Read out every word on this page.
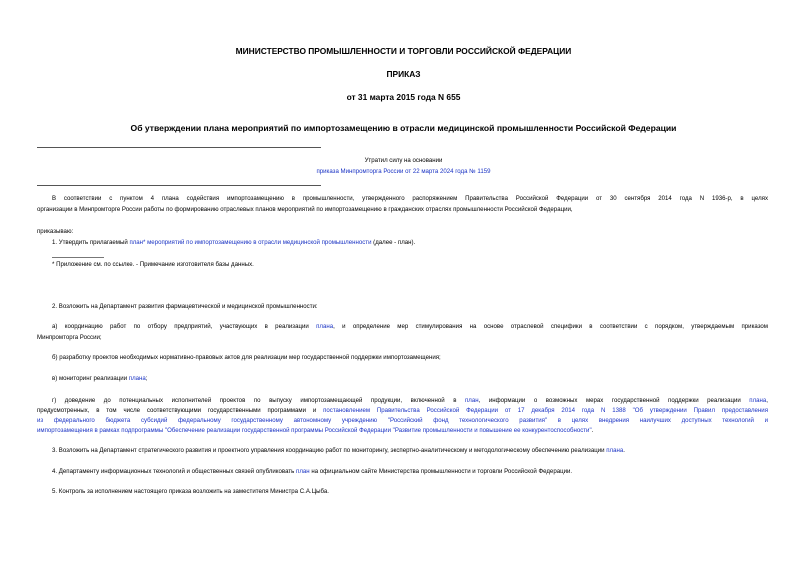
МИНИСТЕРСТВО ПРОМЫШЛЕННОСТИ И ТОРГОВЛИ РОССИЙСКОЙ ФЕДЕРАЦИИ
ПРИКАЗ
от 31 марта 2015 года N 655
Об утверждении плана мероприятий по импортозамещению в отрасли медицинской промышленности Российской Федерации
Утратил силу на основании
приказа Минпромторга России от 22 марта 2024 года № 1159
В соответствии с пунктом 4 плана содействия импортозамещению в промышленности, утвержденного распоряжением Правительства Российской Федерации от 30 сентября 2014 года N 1936-р, в целях
организации в Минпромторге России работы по формированию отраслевых планов мероприятий по импортозамещению в гражданских отраслях промышленности Российской Федерации,
приказываю:
1. Утвердить прилагаемый план* мероприятий по импортозамещению в отрасли медицинской промышленности (далее - план).
* Приложение см. по ссылке. - Примечание изготовителя базы данных.
2. Возложить на Департамент развития фармацевтической и медицинской промышленности:
а) координацию работ по отбору предприятий, участвующих в реализации плана, и определение мер стимулирования на основе отраслевой специфики в соответствии с порядком, утверждаемым приказом
Минпромторга России;
б) разработку проектов необходимых нормативно-правовых актов для реализации мер государственной поддержки импортозамещения;
в) мониторинг реализации плана;
г) доведение до потенциальных исполнителей проектов по выпуску импортозамещающей продукции, включенной в план, информации о возможных мерах государственной поддержки реализации плана,
предусмотренных, в том числе соответствующими государственными программами и постановлением Правительства Российской Федерации от 17 декабря 2014 года N 1388 "Об утверждении Правил предоставления
из федерального бюджета субсидий федеральному государственному автономному учреждению "Российский фонд технологического развития" в целях внедрения наилучших доступных технологий и
импортозамещения в рамках подпрограммы "Обеспечение реализации государственной программы Российской Федерации "Развитие промышленности и повышение ее конкурентоспособности".
3. Возложить на Департамент стратегического развития и проектного управления координацию работ по мониторингу, экспертно-аналитическому и методологическому обеспечению реализации плана.
4. Департаменту информационных технологий и общественных связей опубликовать план на официальном сайте Министерства промышленности и торговли Российской Федерации.
5. Контроль за исполнением настоящего приказа возложить на заместителя Министра С.А.Цыба.
